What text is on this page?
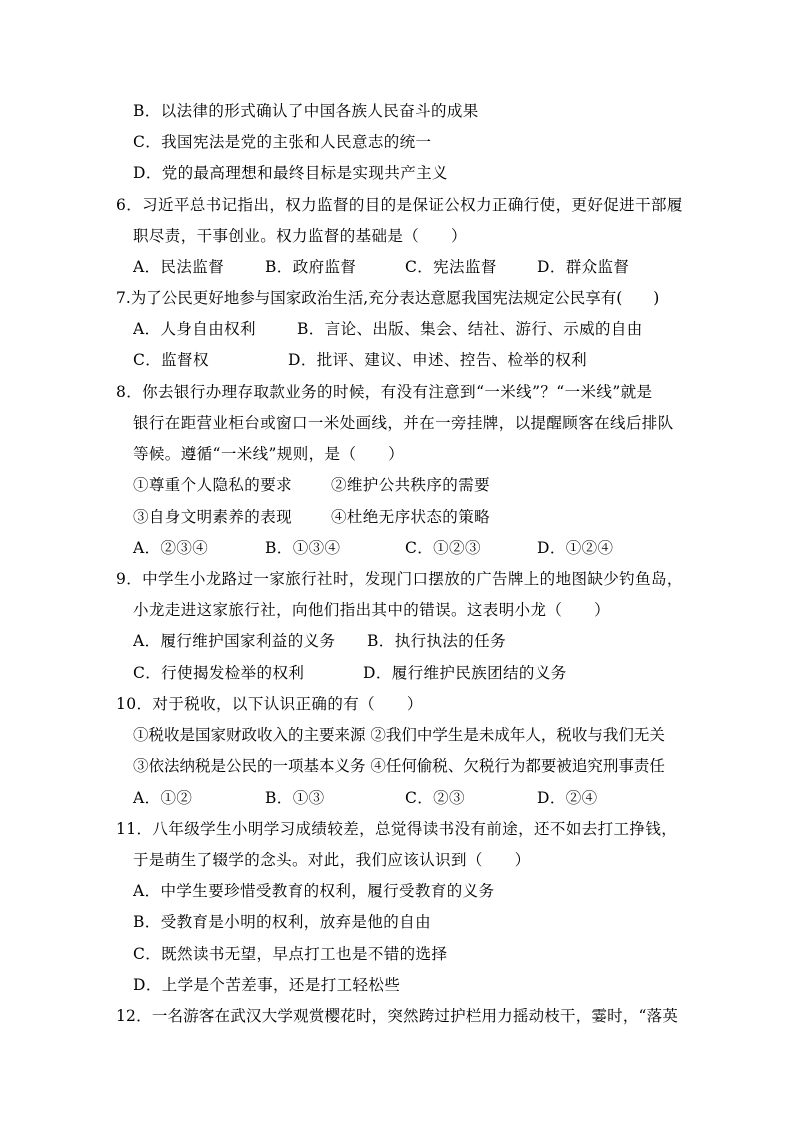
B．以法律的形式确认了中国各族人民奋斗的成果
C．我国宪法是党的主张和人民意志的统一
D．党的最高理想和最终目标是实现共产主义
6．习近平总书记指出，权力监督的目的是保证公权力正确行使，更好促进干部履
职尽责，干事创业。权力监督的基础是（　　）
A．民法监督	B．政府监督	C．宪法监督	D．群众监督
7.为了公民更好地参与国家政治生活,充分表达意愿我国宪法规定公民享有(　　)
A．人身自由权利	B．言论、出版、集会、结社、游行、示威的自由
C．监督权	D．批评、建议、申述、控告、检举的权利
8．你去银行办理存取款业务的时候，有没有注意到“一米线”？“一米线”就是
银行在距营业柜台或窗口一米处画线，并在一旁挂牌，以提醒顾客在线后排队
等候。遵循“一米线”规则，是（　　）
①尊重个人隐私的要求	②维护公共秩序的需要
③自身文明素养的表现	④杜绝无序状态的策略
A．②③④	B．①③④	C．①②③	D．①②④
9．中学生小龙路过一家旅行社时，发现门口摆放的广告牌上的地图缺少钓鱼岛，
小龙走进这家旅行社，向他们指出其中的错误。这表明小龙（　　）
A．履行维护国家利益的义务 B．执行执法的任务
C．行使揭发检举的权利	D．履行维护民族团结的义务
10．对于税收，以下认识正确的有（　　）
①税收是国家财政收入的主要来源 ②我们中学生是未成年人，税收与我们无关
③依法纳税是公民的一项基本义务 ④任何偷税、欠税行为都要被追究刑事责任
A．①②	B．①③	C．②③	D．②④
11．八年级学生小明学习成绩较差，总觉得读书没有前途，还不如去打工挣钱，
于是萌生了辍学的念头。对此，我们应该认识到（　　）
A．中学生要珍惜受教育的权利，履行受教育的义务
B．受教育是小明的权利，放弃是他的自由
C．既然读书无望，早点打工也是不错的选择
D．上学是个苦差事，还是打工轻松些
12．一名游客在武汉大学观赏樱花时，突然跨过护栏用力摇动枝干，霎时，“落英
